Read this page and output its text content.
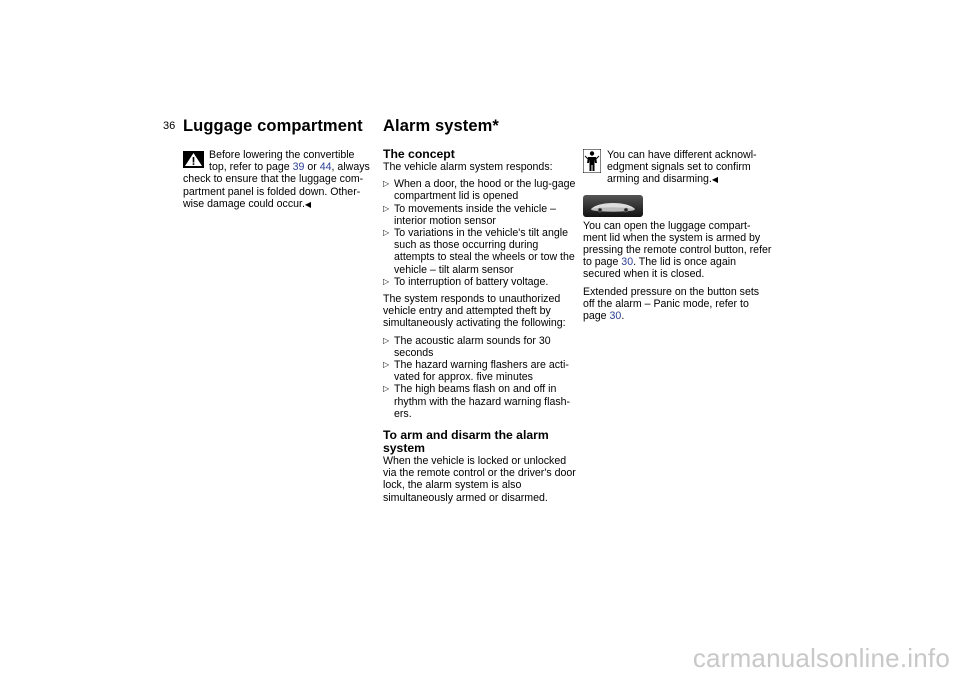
36 Luggage compartment
Before lowering the convertible
top, refer to page 39 or 44, always
check to ensure that the luggage com-partment panel is folded down. Other-wise damage could occur.◀
Alarm system*
The concept
The vehicle alarm system responds:
▷ When a door, the hood or the lug-gage compartment lid is opened
▷ To movements inside the vehicle – interior motion sensor
▷ To variations in the vehicle's tilt angle such as those occurring during attempts to steal the wheels or tow the vehicle – tilt alarm sensor
▷ To interruption of battery voltage.
The system responds to unauthorized vehicle entry and attempted theft by simultaneously activating the following:
▷ The acoustic alarm sounds for 30 seconds
▷ The hazard warning flashers are acti-vated for approx. five minutes
▷ The high beams flash on and off in rhythm with the hazard warning flash-ers.
To arm and disarm the alarm system
When the vehicle is locked or unlocked via the remote control or the driver's door lock, the alarm system is also simultaneously armed or disarmed.
You can have different acknowl-edgment signals set to confirm arming and disarming.◀
You can open the luggage compart-ment lid when the system is armed by pressing the remote control button, refer to page 30. The lid is once again secured when it is closed.
Extended pressure on the button sets off the alarm – Panic mode, refer to page 30.
carmanualsonline.info
